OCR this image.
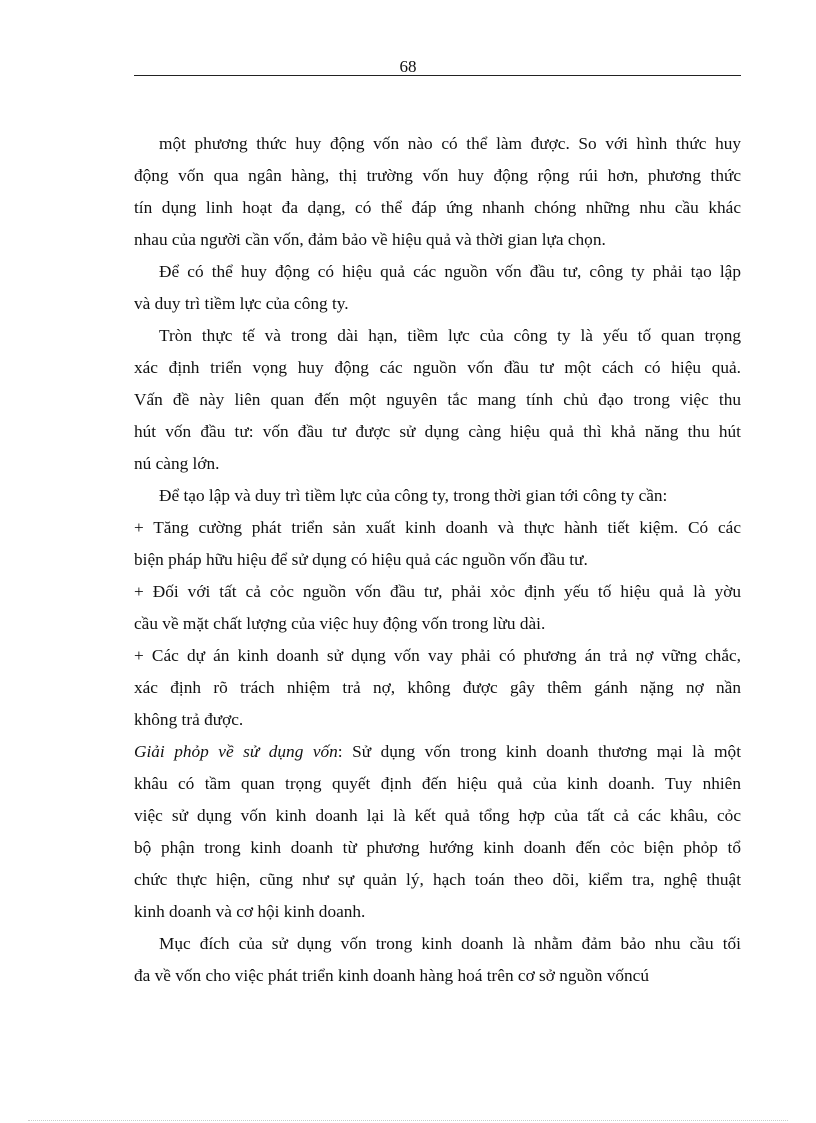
68
một phương thức huy động vốn nào có thể làm được. So với hình thức huy
động vốn qua ngân hàng, thị trường vốn huy động rộng rúi hơn, phương thức
tín dụng linh hoạt đa dạng, có thể đáp ứng nhanh chóng những nhu cầu khác
nhau của người cần vốn, đảm bảo về hiệu quả và thời gian lựa chọn.
Để có thể huy động có hiệu quả các nguồn vốn đầu tư, công ty phải tạo lập
và duy trì tiềm lực của công ty.
Tròn thực tế và trong dài hạn, tiềm lực của công ty là yếu tố quan trọng
xác định triển vọng huy động các nguồn vốn đầu tư một cách có hiệu quả.
Vấn đề này liên quan đến một nguyên tắc mang tính chủ đạo trong việc thu
hút vốn đầu tư: vốn đầu tư được sử dụng càng hiệu quả thì khả năng thu hút
nú càng lớn.
Để tạo lập và duy trì tiềm lực của công ty, trong thời gian tới công ty cần:
+ Tăng cường phát triển sản xuất kinh doanh và thực hành tiết kiệm. Có các
biện pháp hữu hiệu để sử dụng có hiệu quả các nguồn vốn đầu tư.
+ Đối với tất cả cỏc nguồn vốn đầu tư, phải xỏc định yếu tố hiệu quả là yờu
cầu về mặt chất lượng của việc huy động vốn trong lừu dài.
+ Các dự án kinh doanh sử dụng vốn vay phải có phương án trả nợ vững chắc,
xác định rõ trách nhiệm trả nợ, không được gây thêm gánh nặng nợ nần
không trả được.
Giải phỏp về sử dụng vốn: Sử dụng vốn trong kinh doanh thương mại là một
khâu có tầm quan trọng quyết định đến hiệu quả của kinh doanh. Tuy nhiên
việc sử dụng vốn kinh doanh lại là kết quả tổng hợp của tất cả các khâu, cỏc
bộ phận trong kinh doanh từ phương hướng kinh doanh đến cỏc biện phỏp tổ
chức thực hiện, cũng như sự quản lý, hạch toán theo dõi, kiểm tra, nghệ thuật
kinh doanh và cơ hội kinh doanh.
Mục đích của sử dụng vốn trong kinh doanh là nhằm đảm bảo nhu cầu tối
đa về vốn cho việc phát triển kinh doanh hàng hoá trên cơ sở nguồn vốncú
